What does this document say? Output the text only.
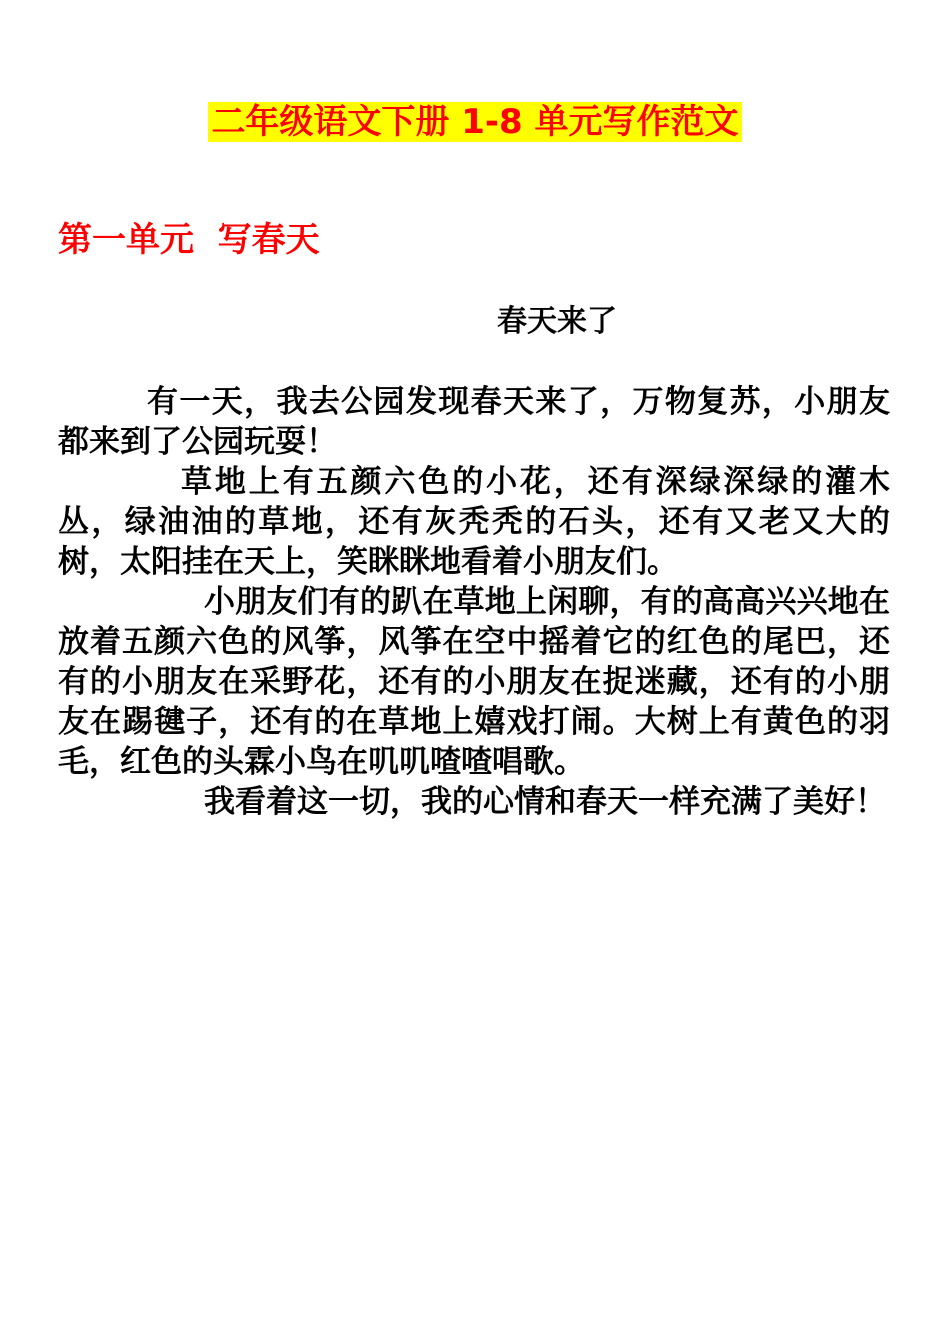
二年级语文下册 1-8 单元写作范文
第一单元  写春天
春天来了

有一天，我去公园发现春天来了，万物复苏，小朋友都来到了公园玩耍！

草地上有五颜六色的小花，还有深绿深绿的灌木丛，绿油油的草地，还有灰秃秃的石头，还有又老又大的树，太阳挂在天上，笑眯眯地看着小朋友们。

小朋友们有的趴在草地上闲聊，有的高高兴兴地在放着五颜六色的风筝，风筝在空中摇着它的红色的尾巴，还有的小朋友在采野花，还有的小朋友在捉迷藏，还有的小朋友在踢毽子，还有的在草地上嬉戏打闹。大树上有黄色的羽毛，红色的头霖小鸟在叽叽喳喳唱歌。

我看着这一切，我的心情和春天一样充满了美好！
